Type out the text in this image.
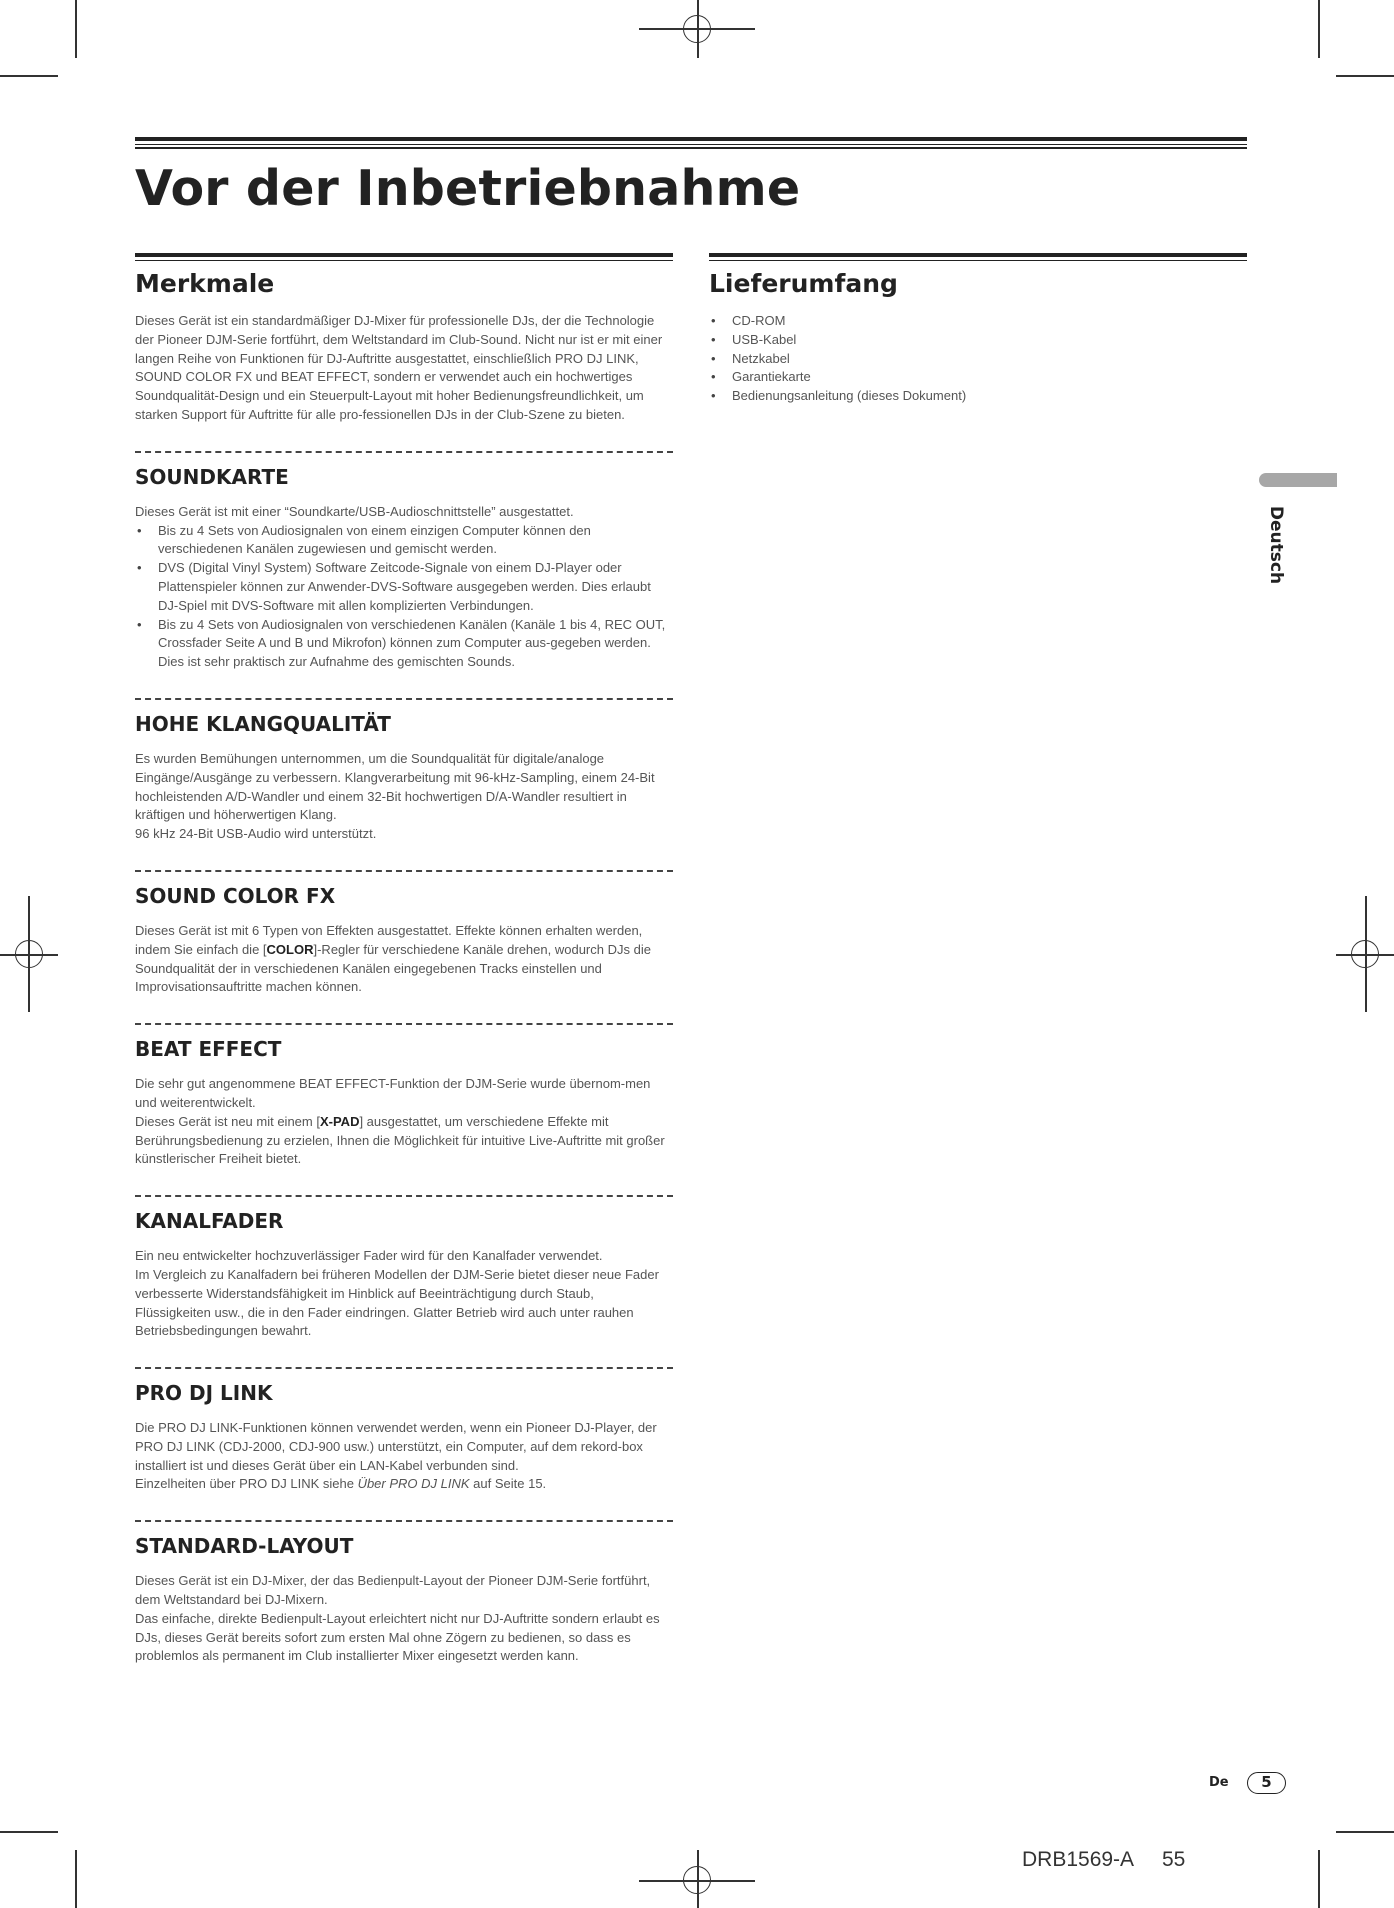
Vor der Inbetriebnahme
Merkmale

Dieses Gerät ist ein standardmäßiger DJ-Mixer für professionelle DJs, der die Technologie der Pioneer DJM-Serie fortführt, dem Weltstandard im Club-Sound. Nicht nur ist er mit einer langen Reihe von Funktionen für DJ-Auftritte ausgestattet, einschließlich PRO DJ LINK, SOUND COLOR FX und BEAT EFFECT, sondern er verwendet auch ein hochwertiges Soundqualität-Design und ein Steuerpult-Layout mit hoher Bedienungsfreundlichkeit, um starken Support für Auftritte für alle pro-fessionellen DJs in der Club-Szene zu bieten.

SOUNDKARTE

Dieses Gerät ist mit einer “Soundkarte/USB-Audioschnittstelle” ausgestattet.

• Bis zu 4 Sets von Audiosignalen von einem einzigen Computer können den verschiedenen Kanälen zugewiesen und gemischt werden.
• DVS (Digital Vinyl System) Software Zeitcode-Signale von einem DJ-Player oder Plattenspieler können zur Anwender-DVS-Software ausgegeben werden. Dies erlaubt DJ-Spiel mit DVS-Software mit allen komplizierten Verbindungen.
• Bis zu 4 Sets von Audiosignalen von verschiedenen Kanälen (Kanäle 1 bis 4, REC OUT, Crossfader Seite A und B und Mikrofon) können zum Computer aus-gegeben werden. Dies ist sehr praktisch zur Aufnahme des gemischten Sounds.
HOHE KLANGQUALITÄT

Es wurden Bemühungen unternommen, um die Soundqualität für digitale/analoge Eingänge/Ausgänge zu verbessern. Klangverarbeitung mit 96-kHz-Sampling, einem 24-Bit hochleistenden A/D-Wandler und einem 32-Bit hochwertigen D/A-Wandler resultiert in kräftigen und höherwertigen Klang.

96 kHz 24-Bit USB-Audio wird unterstützt.

SOUND COLOR FX

Dieses Gerät ist mit 6 Typen von Effekten ausgestattet. Effekte können erhalten werden, indem Sie einfach die [COLOR]-Regler für verschiedene Kanäle drehen, wodurch DJs die Soundqualität der in verschiedenen Kanälen eingegebenen Tracks einstellen und Improvisationsauftritte machen können.

BEAT EFFECT

Die sehr gut angenommene BEAT EFFECT-Funktion der DJM-Serie wurde übernom-men und weiterentwickelt.

Dieses Gerät ist neu mit einem [X-PAD] ausgestattet, um verschiedene Effekte mit Berührungsbedienung zu erzielen, Ihnen die Möglichkeit für intuitive Live-Auftritte mit großer künstlerischer Freiheit bietet.

KANALFADER

Ein neu entwickelter hochzuverlässiger Fader wird für den Kanalfader verwendet.

Im Vergleich zu Kanalfadern bei früheren Modellen der DJM-Serie bietet dieser neue Fader verbesserte Widerstandsfähigkeit im Hinblick auf Beeinträchtigung durch Staub, Flüssigkeiten usw., die in den Fader eindringen. Glatter Betrieb wird auch unter rauhen Betriebsbedingungen bewahrt.

PRO DJ LINK

Die PRO DJ LINK-Funktionen können verwendet werden, wenn ein Pioneer DJ-Player, der PRO DJ LINK (CDJ-2000, CDJ-900 usw.) unterstützt, ein Computer, auf dem rekord-box installiert ist und dieses Gerät über ein LAN-Kabel verbunden sind.

Einzelheiten über PRO DJ LINK siehe Über PRO DJ LINK auf Seite 15.

STANDARD-LAYOUT

Dieses Gerät ist ein DJ-Mixer, der das Bedienpult-Layout der Pioneer DJM-Serie fortführt, dem Weltstandard bei DJ-Mixern.

Das einfache, direkte Bedienpult-Layout erleichtert nicht nur DJ-Auftritte sondern erlaubt es DJs, dieses Gerät bereits sofort zum ersten Mal ohne Zögern zu bedienen, so dass es problemlos als permanent im Club installierter Mixer eingesetzt werden kann.

Lieferumfang
• CD-ROM
• USB-Kabel
• Netzkabel
• Garantiekarte
• Bedienungsanleitung (dieses Dokument)
Deutsch
De	5
DRB1569-A 55
